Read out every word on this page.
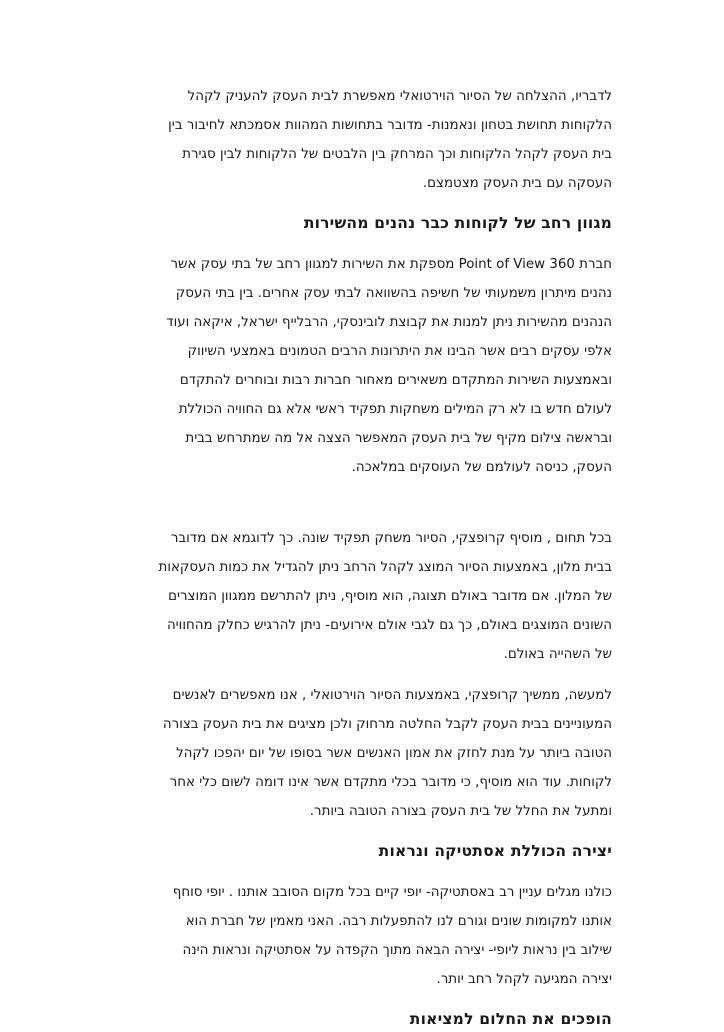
לדבריו, ההצלחה של הסיור הוירטואלי מאפשרת לבית העסק להעניק לקהל
הלקוחות תחושת בטחון ונאמנות- מדובר בתחושות המהוות אסמכתא לחיבור בין
בית העסק לקהל הלקוחות וכך המרחק בין הלבטים של הלקוחות לבין סגירת
העסקה עם בית העסק מצטמצם.

מגוון רחב של לקוחות כבר נהנים מהשירות

חברת Point of View 360 מספקת את השירות למגוון רחב של בתי עסק אשר
נהנים מיתרון משמעותי של חשיפה בהשוואה לבתי עסק אחרים. בין בתי העסק
הנהנים מהשירות ניתן למנות את קבוצת לובינסקי, הרבלייף ישראל, איקאה ועוד
אלפי עסקים רבים אשר הבינו את היתרונות הרבים הטמונים באמצעי השיווק
ובאמצעות השירות המתקדם משאירים מאחור חברות רבות ובוחרים להתקדם
לעולם חדש בו לא רק המילים משחקות תפקיד ראשי אלא גם החוויה הכוללת
ובראשה צילום מקיף של בית העסק המאפשר הצצה אל מה שמתרחש בבית
העסק, כניסה לעולמם של העוסקים במלאכה.

בכל תחום , מוסיף קרופצקי, הסיור משחק תפקיד שונה. כך לדוגמא אם מדובר
בבית מלון, באמצעות הסיור המוצג לקהל הרחב ניתן להגדיל את כמות העסקאות
של המלון. אם מדובר באולם תצוגה, הוא מוסיף, ניתן להתרשם ממגוון המוצרים
השונים המוצגים באולם, כך גם לגבי אולם אירועים- ניתן להרגיש כחלק מהחוויה
של השהייה באולם.

למעשה, ממשיך קרופצקי, באמצעות הסיור הוירטואלי , אנו מאפשרים לאנשים
המעוניינים בבית העסק לקבל החלטה מרחוק ולכן מציגים את בית העסק בצורה
הטובה ביותר על מנת לחזק את אמון האנשים אשר בסופו של יום יהפכו לקהל
לקוחות. עוד הוא מוסיף, כי מדובר בכלי מתקדם אשר אינו דומה לשום כלי אחר
ומתעל את החלל של בית העסק בצורה הטובה ביותר.

יצירה הכוללת אסתטיקה ונראות

כולנו מגלים עניין רב באסתטיקה- יופי קיים בכל מקום הסובב אותנו . יופי סוחף
אותנו למקומות שונים וגורם לנו להתפעלות רבה. האני מאמין של חברת הוא
שילוב בין נראות ליופי- יצירה הבאה מתוך הקפדה על אסתטיקה ונראות הינה
יצירה המגיעה לקהל רחב יותר.

הופכים את החלום למציאות
